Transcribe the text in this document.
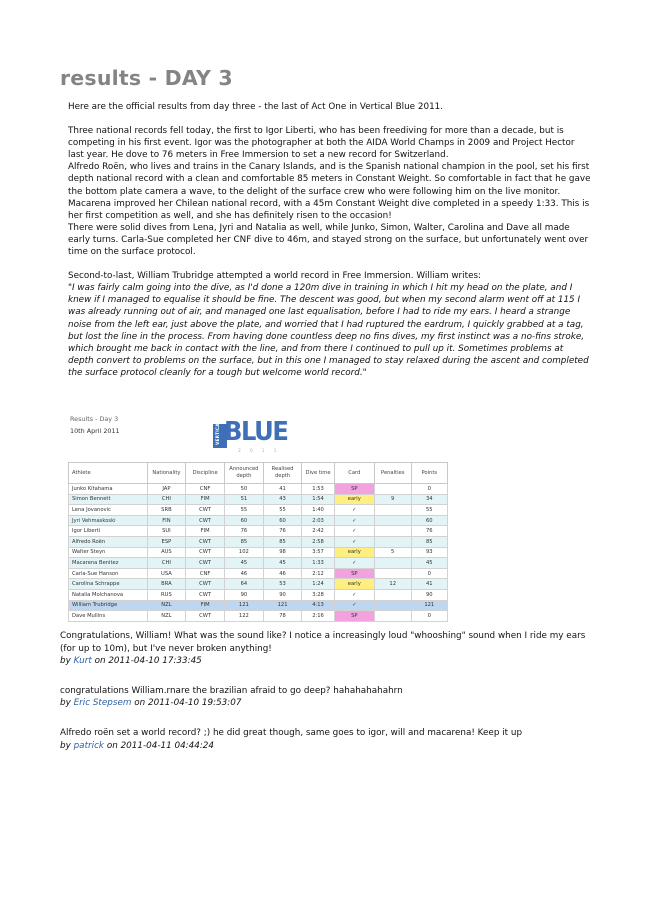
results - DAY 3

Here are the official results from day three - the last of Act One in Vertical Blue 2011.

Three national records fell today, the first to Igor Liberti, who has been freediving for more than a decade, but is

competing in his first event. Igor was the photographer at both the AIDA World Champs in 2009 and Project Hector

last year. He dove to 76 meters in Free Immersion to set a new record for Switzerland.

Alfredo Roën, who lives and trains in the Canary Islands, and is the Spanish national champion in the pool, set his first

depth national record with a clean and comfortable 85 meters in Constant Weight. So comfortable in fact that he gave

the bottom plate camera a wave, to the delight of the surface crew who were following him on the live monitor.

Macarena improved her Chilean national record, with a 45m Constant Weight dive completed in a speedy 1:33. This is

her first competition as well, and she has definitely risen to the occasion!

There were solid dives from Lena, Jyri and Natalia as well, while Junko, Simon, Walter, Carolina and Dave all made

early turns. Carla-Sue completed her CNF dive to 46m, and stayed strong on the surface, but unfortunately went over

time on the surface protocol.

Second-to-last, William Trubridge attempted a world record in Free Immersion. William writes:

"I was fairly calm going into the dive, as I'd done a 120m dive in training in which I hit my head on the plate, and I

knew if I managed to equalise it should be fine. The descent was good, but when my second alarm went off at 115 I

was already running out of air, and managed one last equalisation, before I had to ride my ears. I heard a strange

noise from the left ear, just above the plate, and worried that I had ruptured the eardrum, I quickly grabbed at a tag,

but lost the line in the process. From having done countless deep no fins dives, my first instinct was a no-fins stroke,

which brought me back in contact with the line, and from there I continued to pull up it. Sometimes problems at

depth convert to problems on the surface, but in this one I managed to stay relaxed during the ascent and completed

the surface protocol cleanly for a tough but welcome world record."

Results - Day 3
10th April 2011	VERTICAL BLUE
2011
Athlete	Nationality	Discipline	Announced depth	Realised depth	Dive time	Card	Penalties	Points
Junko Kitahama	JAP	CNF	50	41	1:53	SP		0
Simon Bennett	CHI	FIM	51	43	1:54	early	9	34
Lena Jovanovic	SRB	CWT	55	55	1:40	✓		55
Jyri Vehmaskoski	FIN	CWT	60	60	2:03	✓		60
Igor Liberti	SUI	FIM	76	76	2:42	✓		76
Alfredo Roën	ESP	CWT	85	85	2:58	✓		85
Walter Steyn	AUS	CWT	102	98	3:57	early	5	93
Macarena Benitez	CHI	CWT	45	45	1:33	✓		45
Carla-Sue Hanson	USA	CNF	46	46	2:12	SP		0
Carolina Schrappe	BRA	CWT	64	53	1:24	early	12	41
Natalia Molchanova	RUS	CWT	90	90	3:28	✓		90
William Trubridge	NZL	FIM	121	121	4:13	✓		121
Dave Mullins	NZL	CWT	122	78	2:16	SP		0

Congratulations, William! What was the sound like? I notice a increasingly loud "whooshing" sound when I ride my ears

(for up to 10m), but I've never broken anything!

by Kurt on 2011-04-10 17:33:45

congratulations William.rnare the brazilian afraid to go deep? hahahahahahrn

by Eric Stepsem on 2011-04-10 19:53:07

Alfredo roën set a world record? ;) he did great though, same goes to igor, will and macarena! Keep it up

by patrick on 2011-04-11 04:44:24
